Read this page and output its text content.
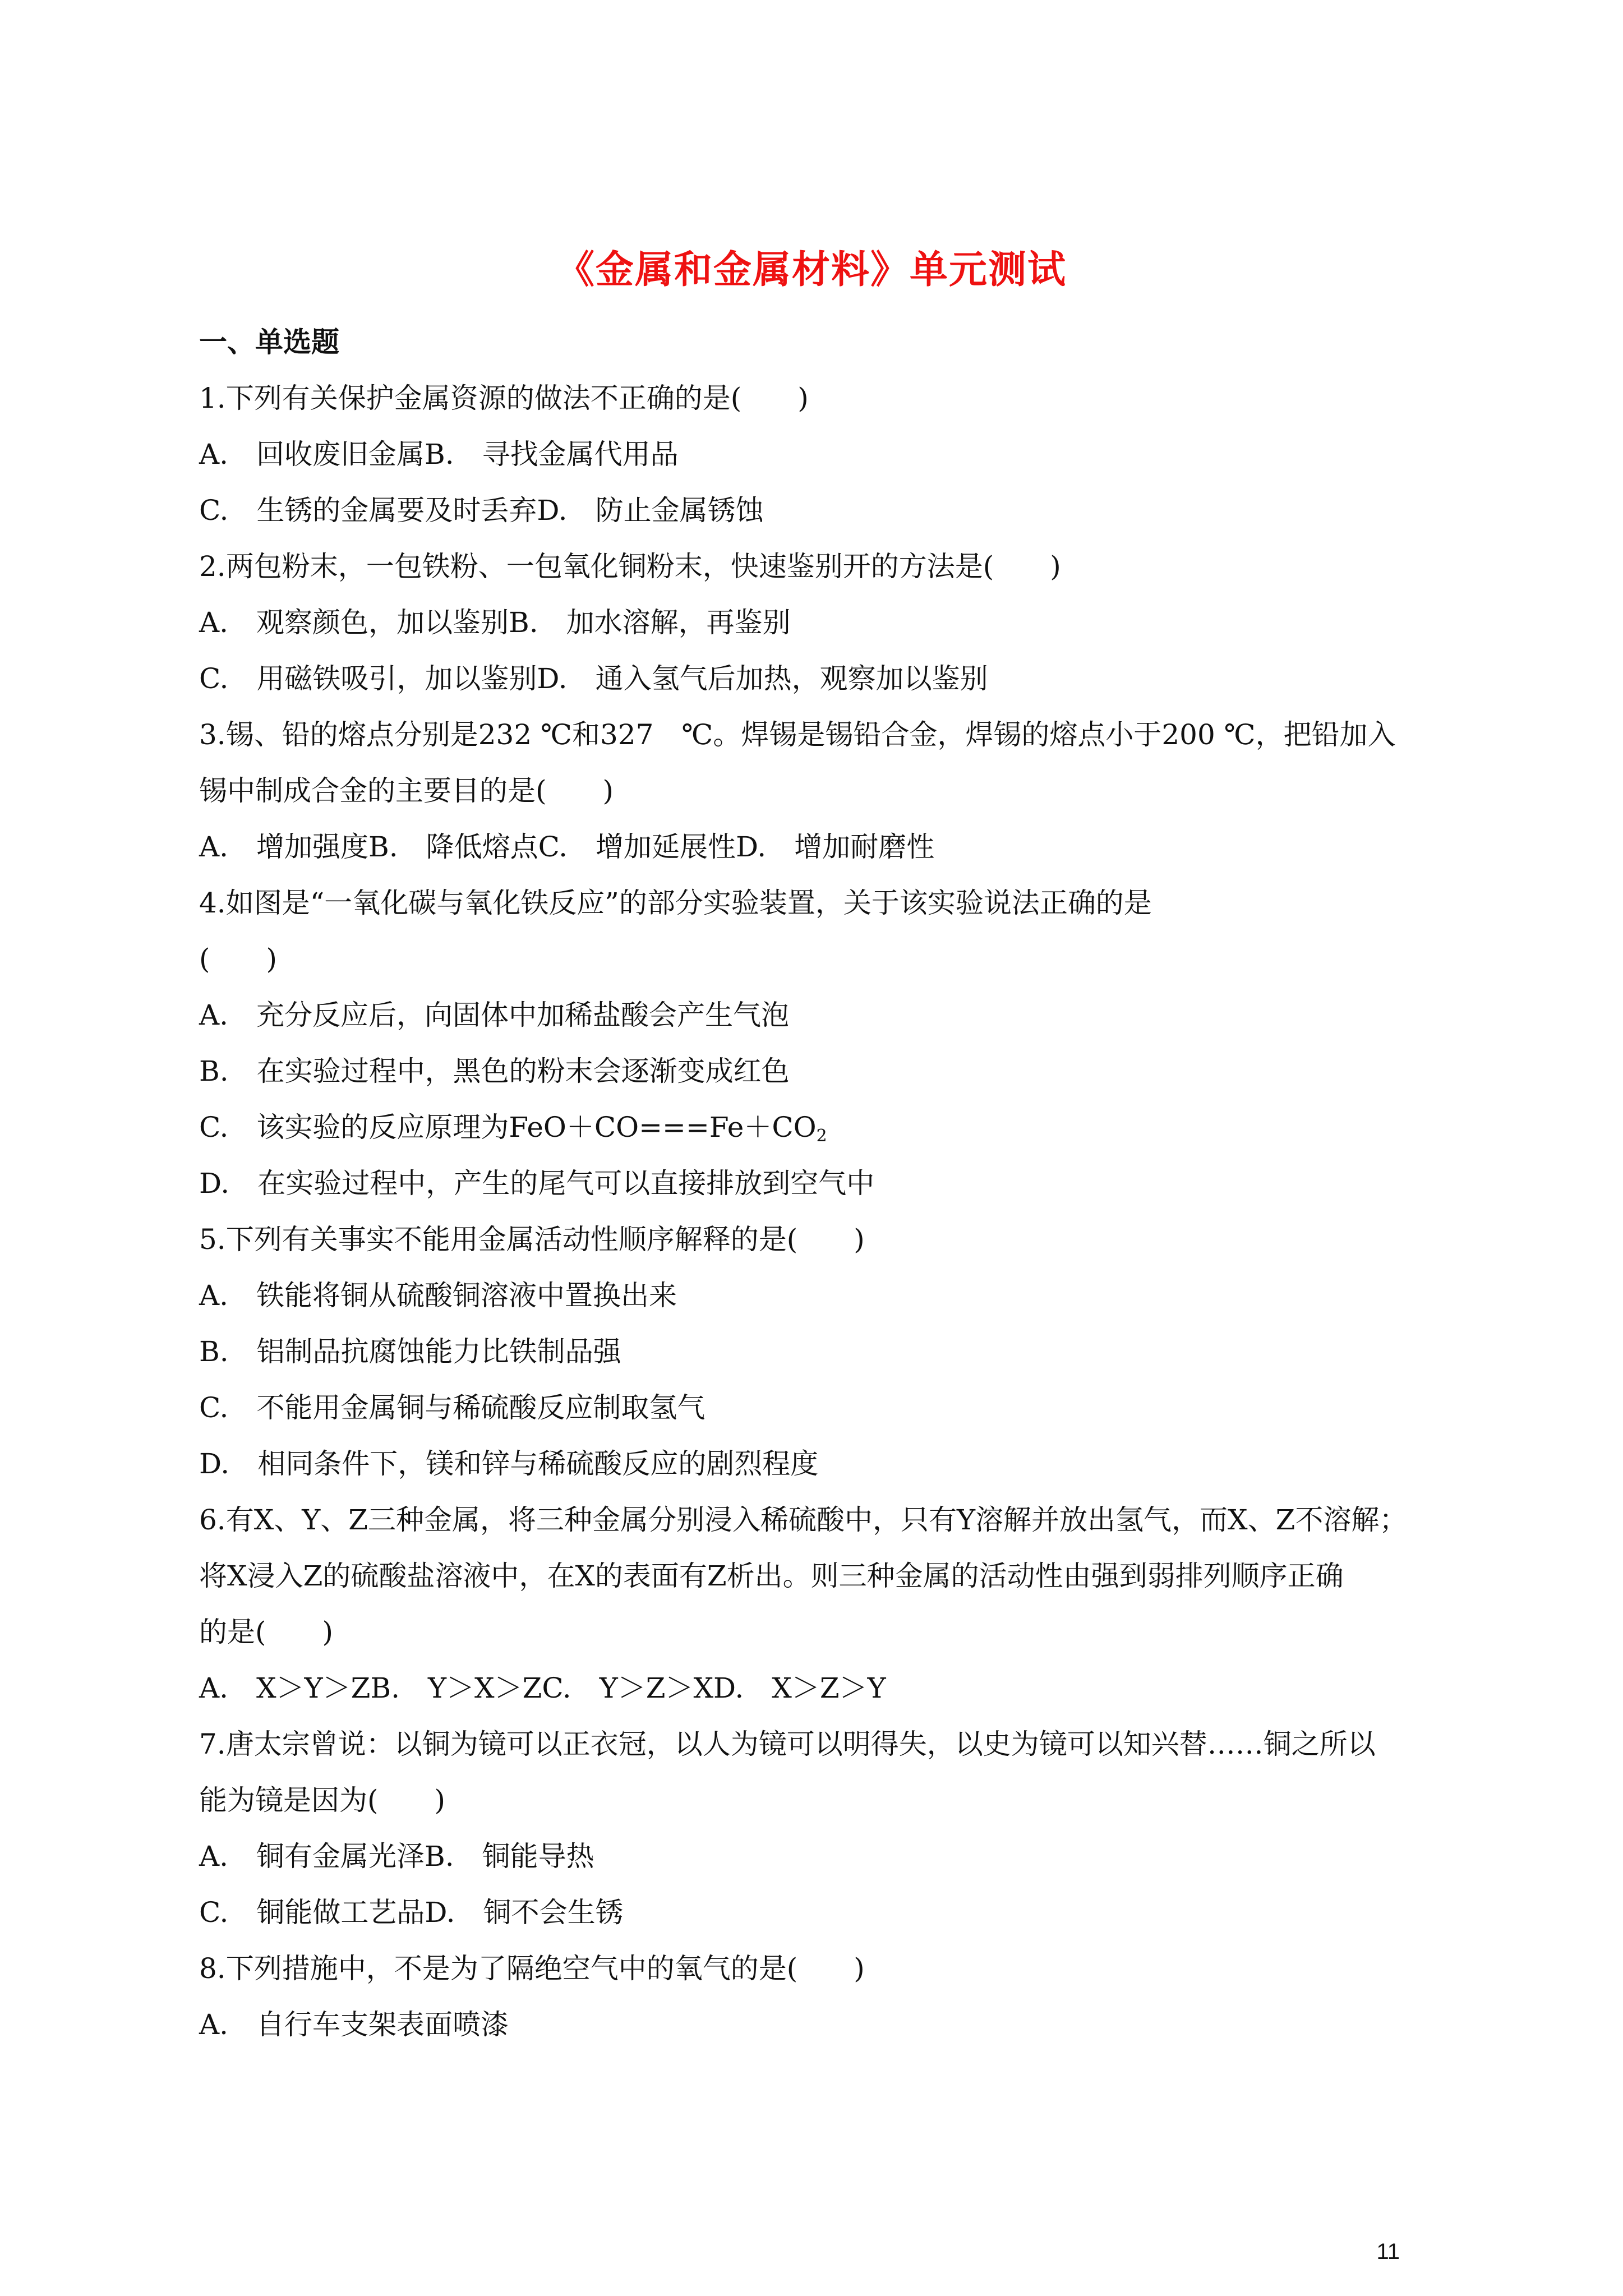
《金属和金属材料》单元测试
一、单选题
1.下列有关保护金属资源的做法不正确的是(　　)
A.　回收废旧金属B.　寻找金属代用品
C.　生锈的金属要及时丢弃D.　防止金属锈蚀
2.两包粉末，一包铁粉、一包氧化铜粉末，快速鉴别开的方法是(　　)
A.　观察颜色，加以鉴别B.　加水溶解，再鉴别
C.　用磁铁吸引，加以鉴别D.　通入氢气后加热，观察加以鉴别
3.锡、铅的熔点分别是232 ℃和327　℃。焊锡是锡铅合金，焊锡的熔点小于200 ℃，把铅加入
锡中制成合金的主要目的是(　　)
A.　增加强度B.　降低熔点C.　增加延展性D.　增加耐磨性
4.如图是“一氧化碳与氧化铁反应”的部分实验装置，关于该实验说法正确的是
(　　)
A.　充分反应后，向固体中加稀盐酸会产生气泡
B.　在实验过程中，黑色的粉末会逐渐变成红色
C.　该实验的反应原理为$FeO+CO===Fe+CO_2$
D.　在实验过程中，产生的尾气可以直接排放到空气中
5.下列有关事实不能用金属活动性顺序解释的是(　　)
A.　铁能将铜从硫酸铜溶液中置换出来
B.　铝制品抗腐蚀能力比铁制品强
C.　不能用金属铜与稀硫酸反应制取氢气
D.　相同条件下，镁和锌与稀硫酸反应的剧烈程度
6.有X、Y、Z三种金属，将三种金属分别浸入稀硫酸中，只有Y溶解并放出氢气，而X、Z不溶解；
将X浸入Z的硫酸盐溶液中，在X的表面有Z析出。则三种金属的活动性由强到弱排列顺序正确
的是(　　)
A.　X＞Y＞ZB.　Y＞X＞ZC.　Y＞Z＞XD.　X＞Z＞Y
7.唐太宗曾说：以铜为镜可以正衣冠，以人为镜可以明得失，以史为镜可以知兴替……铜之所以
能为镜是因为(　　)
A.　铜有金属光泽B.　铜能导热
C.　铜能做工艺品D.　铜不会生锈
8.下列措施中，不是为了隔绝空气中的氧气的是(　　)
A.　自行车支架表面喷漆
11
